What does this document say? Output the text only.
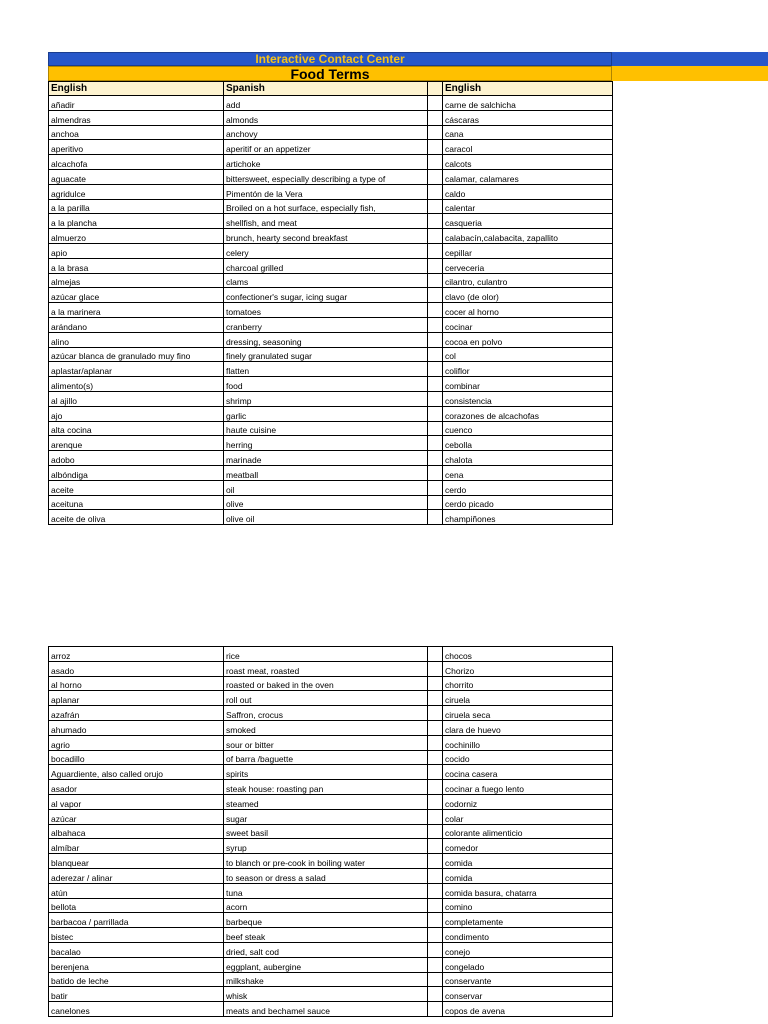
Interactive Contact Center
Food Terms
English	Spanish		English
añadir	add		carne de salchicha
almendras	almonds		cáscaras
anchoa	anchovy		cana
aperitivo	aperitif or an appetizer		caracol
alcachofa	artichoke		calcots
aguacate	bittersweet, especially describing a type of		calamar, calamares
agridulce	Pimentón de la Vera		caldo
a la parilla	Broiled on a hot surface, especially fish,		calentar
a la plancha	shellfish, and meat		casqueria
almuerzo	brunch, hearty second breakfast		calabacín,calabacita, zapallito
apio	celery		cepillar
a la brasa	charcoal grilled		cerveceria
almejas	clams		cilantro, culantro
azúcar glace	confectioner's sugar, icing sugar		clavo (de olor)
a la marinera	tomatoes		cocer al horno
arándano	cranberry		cocinar
alino	dressing, seasoning		cocoa en polvo
azúcar blanca de granulado muy fino	finely granulated sugar		col
aplastar/aplanar	flatten		coliflor
alimento(s)	food		combinar
al ajillo	shrimp		consistencia
ajo	garlic		corazones de alcachofas
alta cocina	haute cuisine		cuenco
arenque	herring		cebolla
adobo	marinade		chalota
albóndiga	meatball		cena
aceite	oil		cerdo
aceituna	olive		cerdo picado
aceite de oliva	olive oil		champiñones
arroz	rice		chocos
asado	roast meat, roasted		Chorizo
al horno	roasted or baked in the oven		chorrito
aplanar	roll out		ciruela
azafrán	Saffron, crocus		ciruela seca
ahumado	smoked		clara de huevo
agrio	sour or bitter		cochinillo
bocadillo	of barra /baguette		cocido
Aguardiente, also called orujo	spirits		cocina casera
asador	steak house: roasting pan		cocinar a fuego lento
al vapor	steamed		codorniz
azúcar	sugar		colar
albahaca	sweet basil		colorante alimenticio
almíbar	syrup		comedor
blanquear	to blanch or pre-cook in boiling water		comida
aderezar / alinar	to season or dress a salad		comida
atún	tuna		comida basura, chatarra
bellota	acorn		comino
barbacoa / parrillada	barbeque		completamente
bistec	beef steak		condimento
bacalao	dried, salt cod		conejo
berenjena	eggplant, aubergine		congelado
batido de leche	milkshake		conservante
batir	whisk		conservar
canelones	meats and bechamel sauce		copos de avena
